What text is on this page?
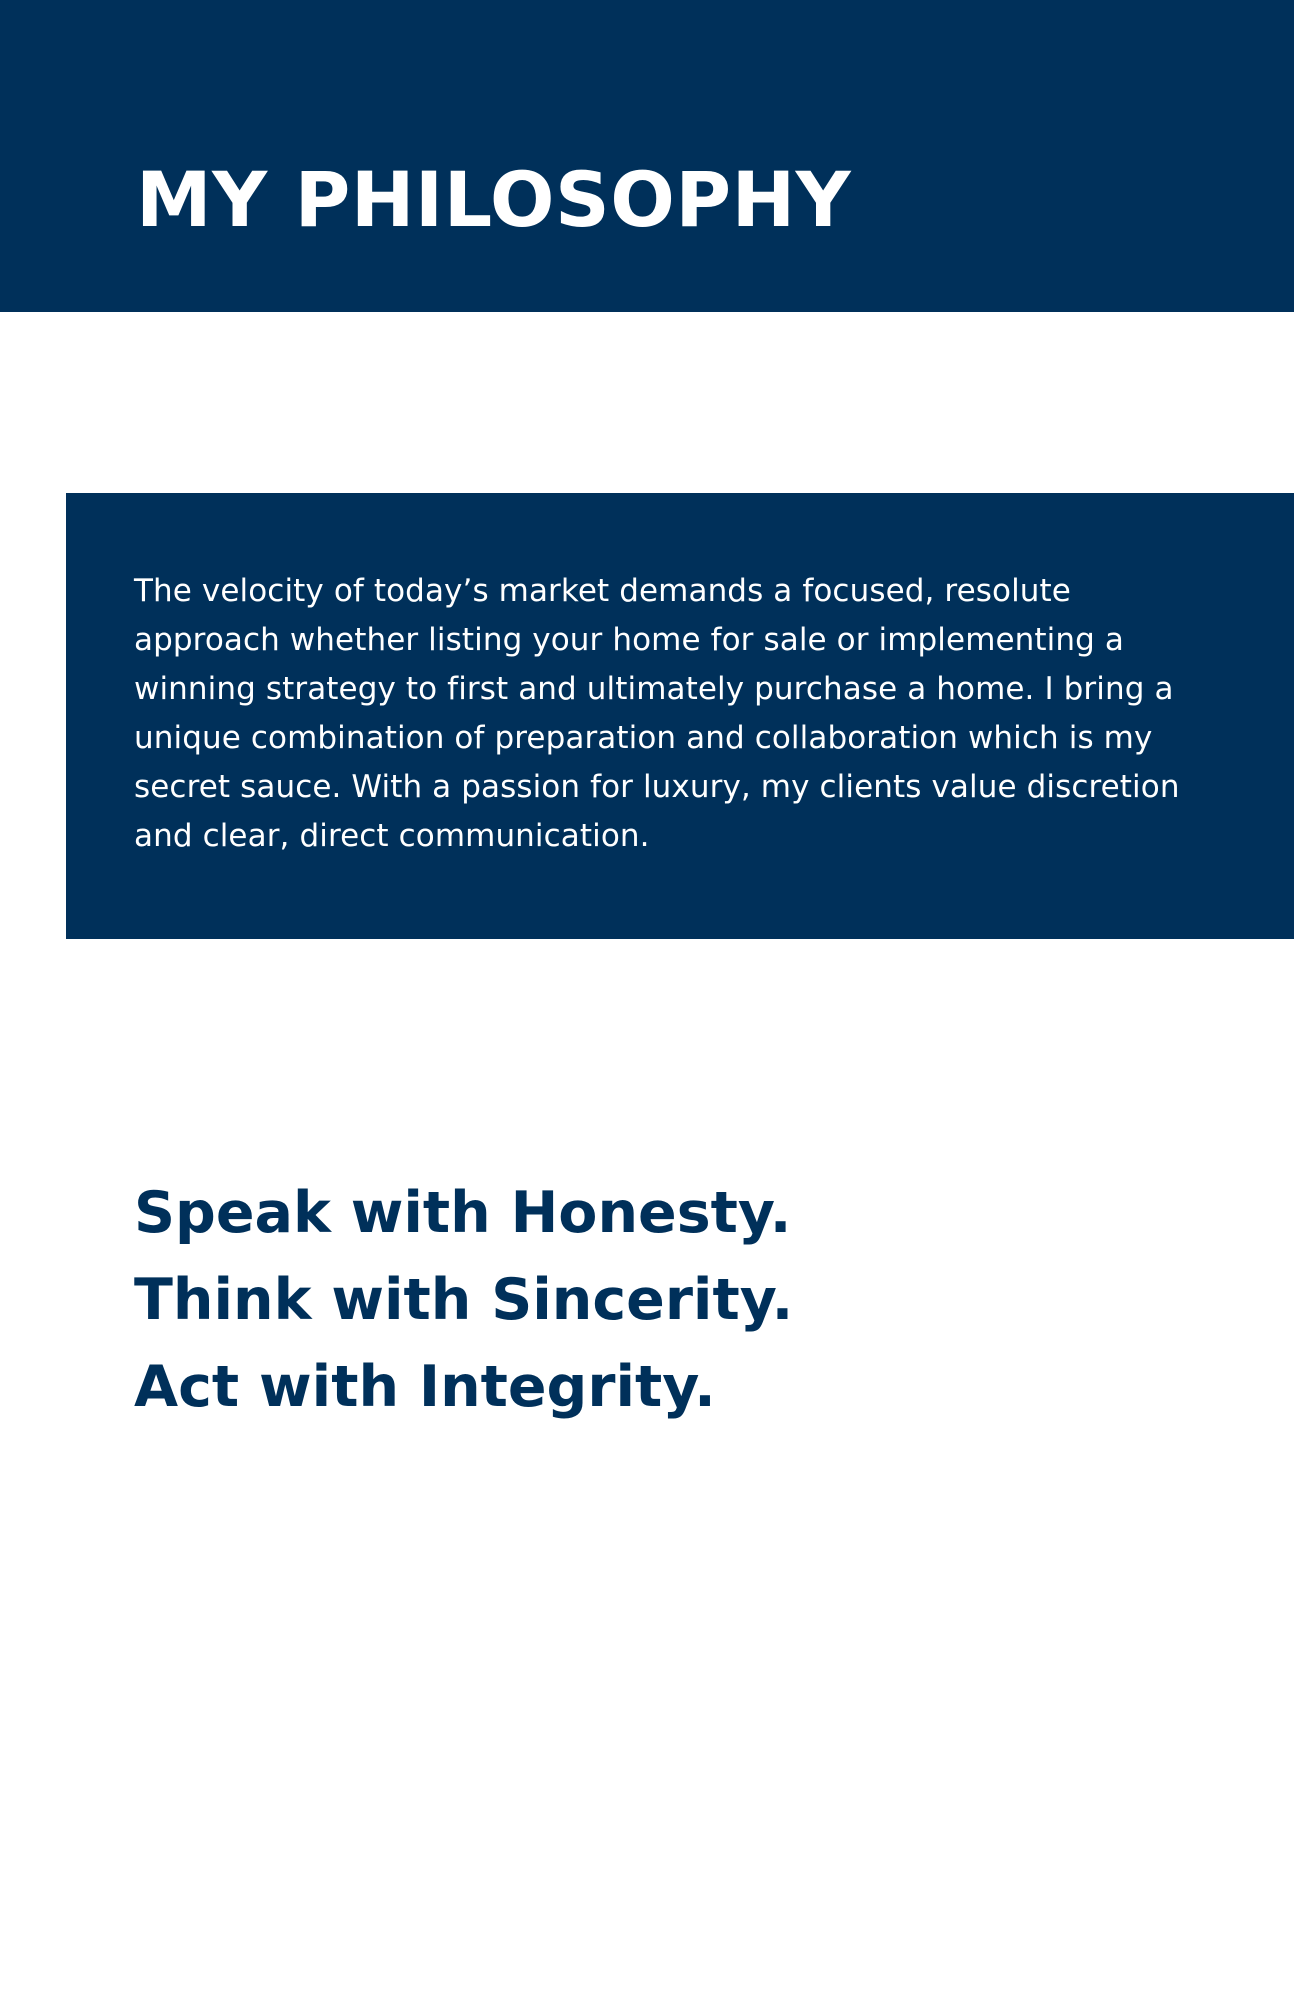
MY PHILOSOPHY

The velocity of today’s market demands a focused, resolute approach whether listing your home for sale or implementing a winning strategy to first and ultimately purchase a home. I bring a unique combination of preparation and collaboration which is my secret sauce. With a passion for luxury, my clients value discretion and clear, direct communication.

Speak with Honesty.
Think with Sincerity.
Act with Integrity.
